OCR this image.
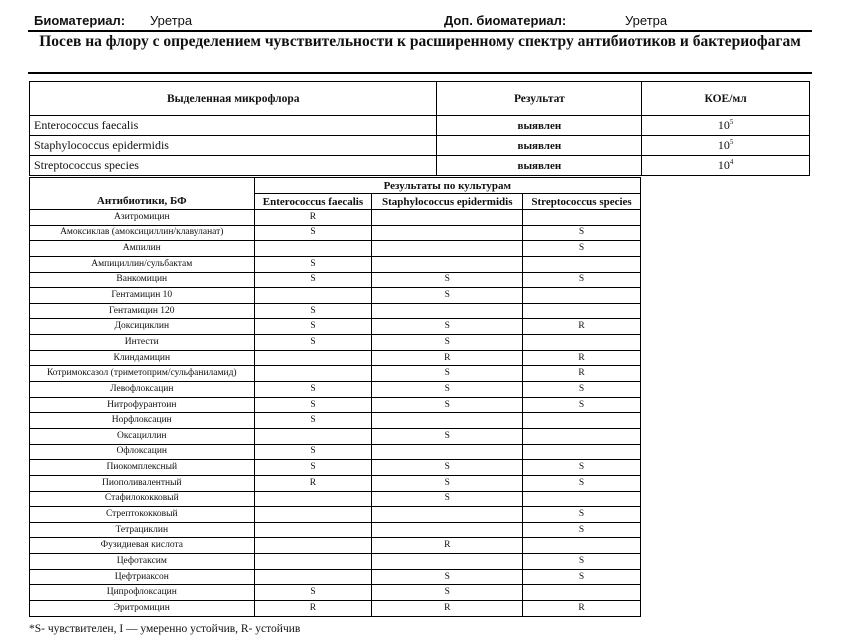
Биоматериал: Уретра	Доп. биоматериал:	Уретра
Посев на флору с определением чувствительности к расширенному спектру антибиотиков и бактериофагам
Выделенная микрофлора	Результат	КОЕ/мл
Enterococcus faecalis	выявлен	$10^5$
Staphylococcus epidermidis	выявлен	$10^5$
Streptococcus species	выявлен	$10^4$
Антибиотики, БФ	Результаты по культурам		
	Enterococcus faecalis	Staphylococcus epidermidis	Streptococcus species
Азитромицин	R		
Амоксиклав (амоксициллин/клавуланат)	S		S
Ампилин			S
Ампициллин/сульбактам	S		
Ванкомицин	S	S	S
Гентамицин 10		S	
Гентамицин 120	S		
Доксициклин	S	S	R
Интести	S	S	
Клиндамицин		R	R
Котримоксазол (триметоприм/сульфаниламид)		S	R
Левофлоксацин	S	S	S
Нитрофурантоин	S	S	S
Норфлоксацин	S		
Оксациллин		S	
Офлоксацин	S		
Пиокомплексный	S	S	S
Пиополивалентный	R	S	S
Стафилококковый		S	
Стрептококковый			S
Тетрациклин			S
Фузидиевая кислота		R	
Цефотаксим			S
Цефтриаксон		S	S
Ципрофлоксацин	S	S	
Эритромицин	R	R	R
*S- чувствителен, I — умеренно устойчив, R- устойчив
